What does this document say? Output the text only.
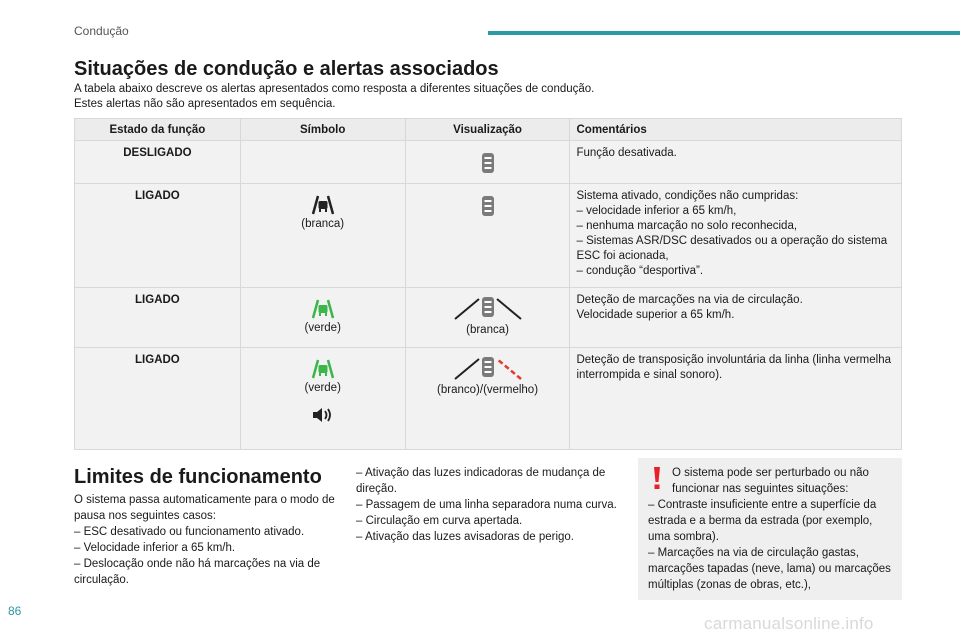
Condução
Situações de condução e alertas associados
A tabela abaixo descreve os alertas apresentados como resposta a diferentes situações de condução.
Estes alertas não são apresentados em sequência.
Estado da função	Símbolo	Visualização	Comentários
DESLIGADO			Função desativada.

LIGADO	(branca)		Sistema ativado, condições não cumpridas:
– velocidade inferior a 65 km/h,
– nenhuma marcação no solo reconhecida,
– Sistemas ASR/DSC desativados ou a operação do sistema ESC foi acionada,
– condução “desportiva”.

LIGADO	(verde)	(branca)	Deteção de marcações na via de circulação.
Velocidade superior a 65 km/h.

LIGADO	(verde)	(branco)/(vermelho)	Deteção de transposição involuntária da linha (linha vermelha interrompida e sinal sonoro).
Limites de funcionamento
O sistema passa automaticamente para o modo de pausa nos seguintes casos:
– ESC desativado ou funcionamento ativado.
– Velocidade inferior a 65 km/h.
– Deslocação onde não há marcações na via de circulação.
– Ativação das luzes indicadoras de mudança de direção.
– Passagem de uma linha separadora numa curva.
– Circulação em curva apertada.
– Ativação das luzes avisadoras de perigo.
O sistema pode ser perturbado ou não funcionar nas seguintes situações:
– Contraste insuficiente entre a superfície da estrada e a berma da estrada (por exemplo, uma sombra).
– Marcações na via de circulação gastas, marcações tapadas (neve, lama) ou marcações múltiplas (zonas de obras, etc.),
86
carmanualsonline.info
